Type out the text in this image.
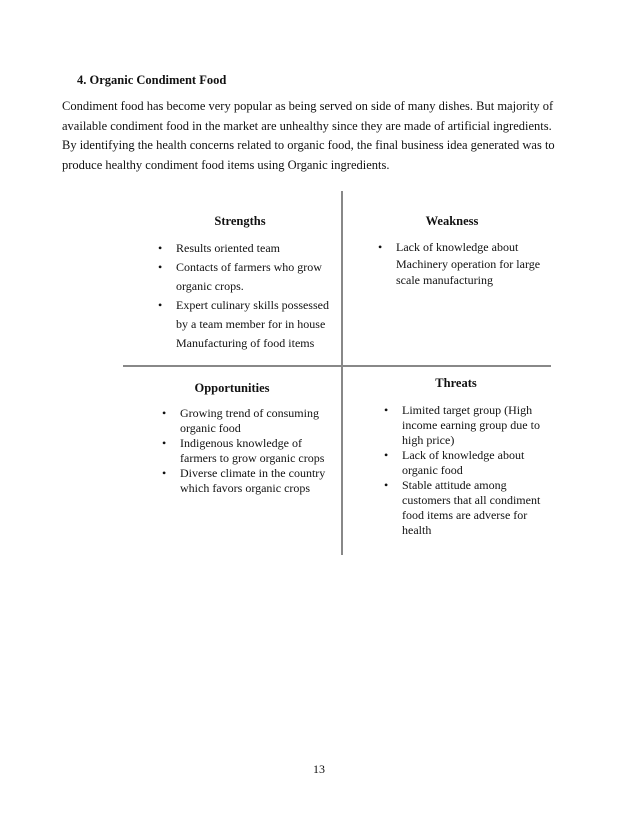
4. Organic Condiment Food
Condiment food has become very popular as being served on side of many dishes. But majority of available condiment food in the market are unhealthy since they are made of artificial ingredients. By identifying the health concerns related to organic food, the final business idea generated was to produce healthy condiment food items using Organic ingredients.
Strengths
• Results oriented team
• Contacts of farmers who grow organic crops.
• Expert culinary skills possessed by a team member for in house Manufacturing of food items
Weakness
• Lack of knowledge about Machinery operation for large scale manufacturing
Opportunities
• Growing trend of consuming organic food
• Indigenous knowledge of farmers to grow organic crops
• Diverse climate in the country which favors organic crops
Threats
• Limited target group (High income earning group due to high price)
• Lack of knowledge about organic food
• Stable attitude among customers that all condiment food items are adverse for health
13
